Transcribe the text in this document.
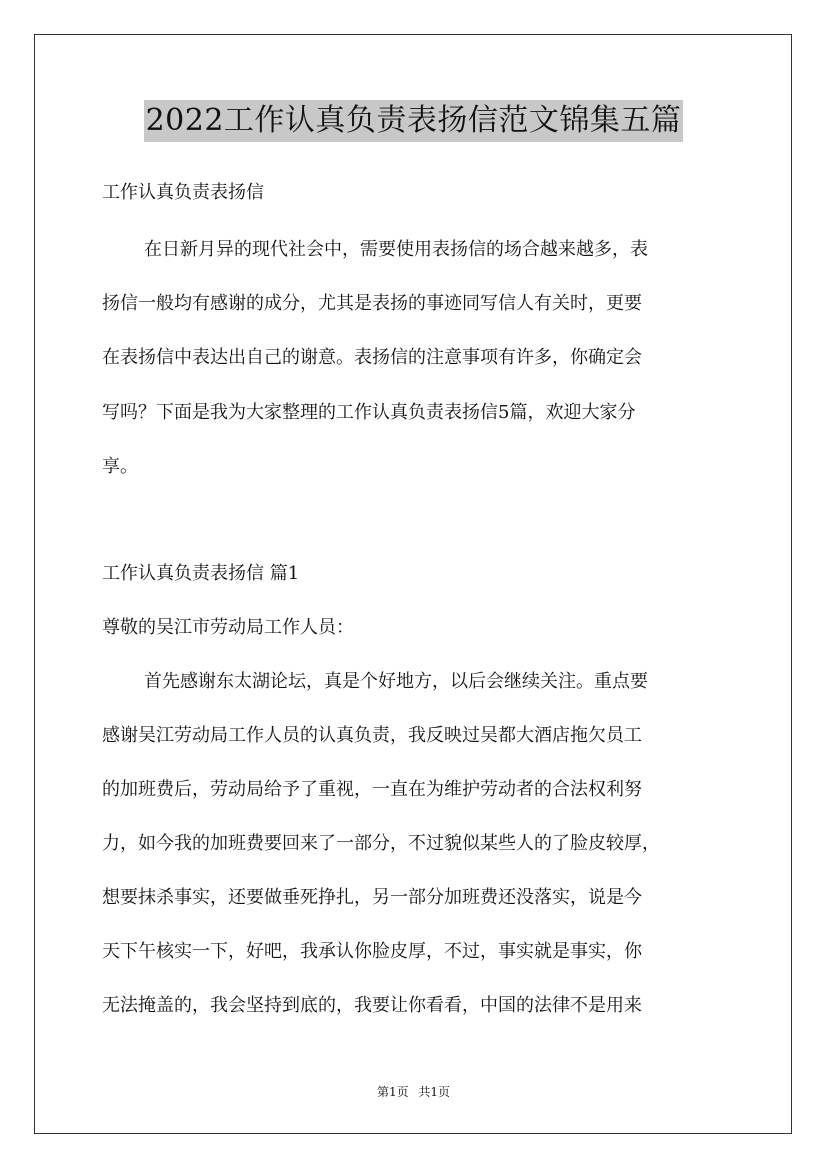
2022工作认真负责表扬信范文锦集五篇
工作认真负责表扬信
在日新月异的现代社会中，需要使用表扬信的场合越来越多，表
扬信一般均有感谢的成分，尤其是表扬的事迹同写信人有关时，更要
在表扬信中表达出自己的谢意。表扬信的注意事项有许多，你确定会
写吗？下面是我为大家整理的工作认真负责表扬信5篇，欢迎大家分
享。
工作认真负责表扬信 篇1
尊敬的吴江市劳动局工作人员：
首先感谢东太湖论坛，真是个好地方，以后会继续关注。重点要
感谢吴江劳动局工作人员的认真负责，我反映过吴都大酒店拖欠员工
的加班费后，劳动局给予了重视，一直在为维护劳动者的合法权利努
力，如今我的加班费要回来了一部分，不过貌似某些人的了脸皮较厚，
想要抹杀事实，还要做垂死挣扎，另一部分加班费还没落实，说是今
天下午核实一下，好吧，我承认你脸皮厚，不过，事实就是事实，你
无法掩盖的，我会坚持到底的，我要让你看看，中国的法律不是用来
第1页 共1页
